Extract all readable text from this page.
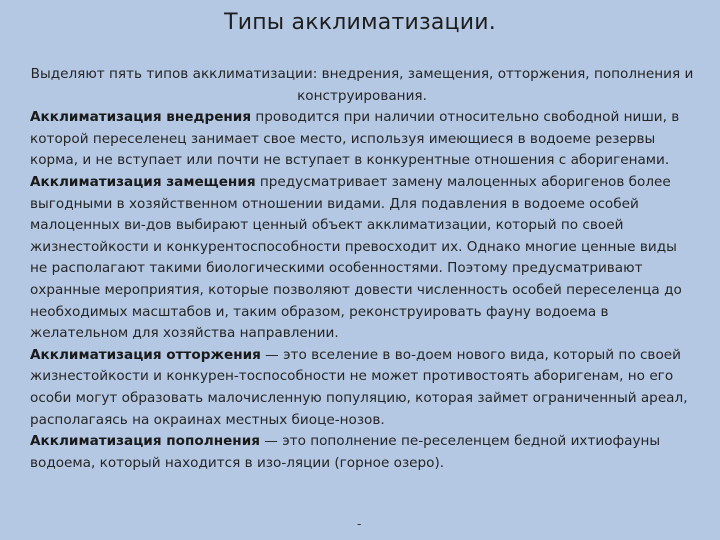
Типы акклиматизации.

Выделяют пять типов акклиматизации: внедрения, замещения, отторжения, пополнения и конструирования.

Акклиматизация внедрения проводится при наличии относительно свободной ниши, в которой переселенец занимает свое место, используя имеющиеся в водоеме резервы корма, и не вступает или почти не вступает в конкурентные отношения с аборигенами.

Акклиматизация замещения предусматривает замену малоценных аборигенов более выгодными в хозяйственном отношении видами. Для подавления в водоеме особей малоценных ви-дов выбирают ценный объект акклиматизации, который по своей жизнестойкости и конкурентоспособности превосходит их. Однако многие ценные виды не располагают такими биологическими особенностями. Поэтому предусматривают охранные мероприятия, которые позволяют довести численность особей переселенца до необходимых масштабов и, таким образом, реконструировать фауну водоема в желательном для хозяйства направлении.

Акклиматизация отторжения — это вселение в во-доем нового вида, который по своей жизнестойкости и конкурен-тоспособности не может противостоять аборигенам, но его особи могут образовать малочисленную популяцию, которая займет ограниченный ареал, располагаясь на окраинах местных биоце-нозов.

Акклиматизация пополнения — это пополнение пе-реселенцем бедной ихтиофауны водоема, который находится в изо-ляции (горное озеро).

-
